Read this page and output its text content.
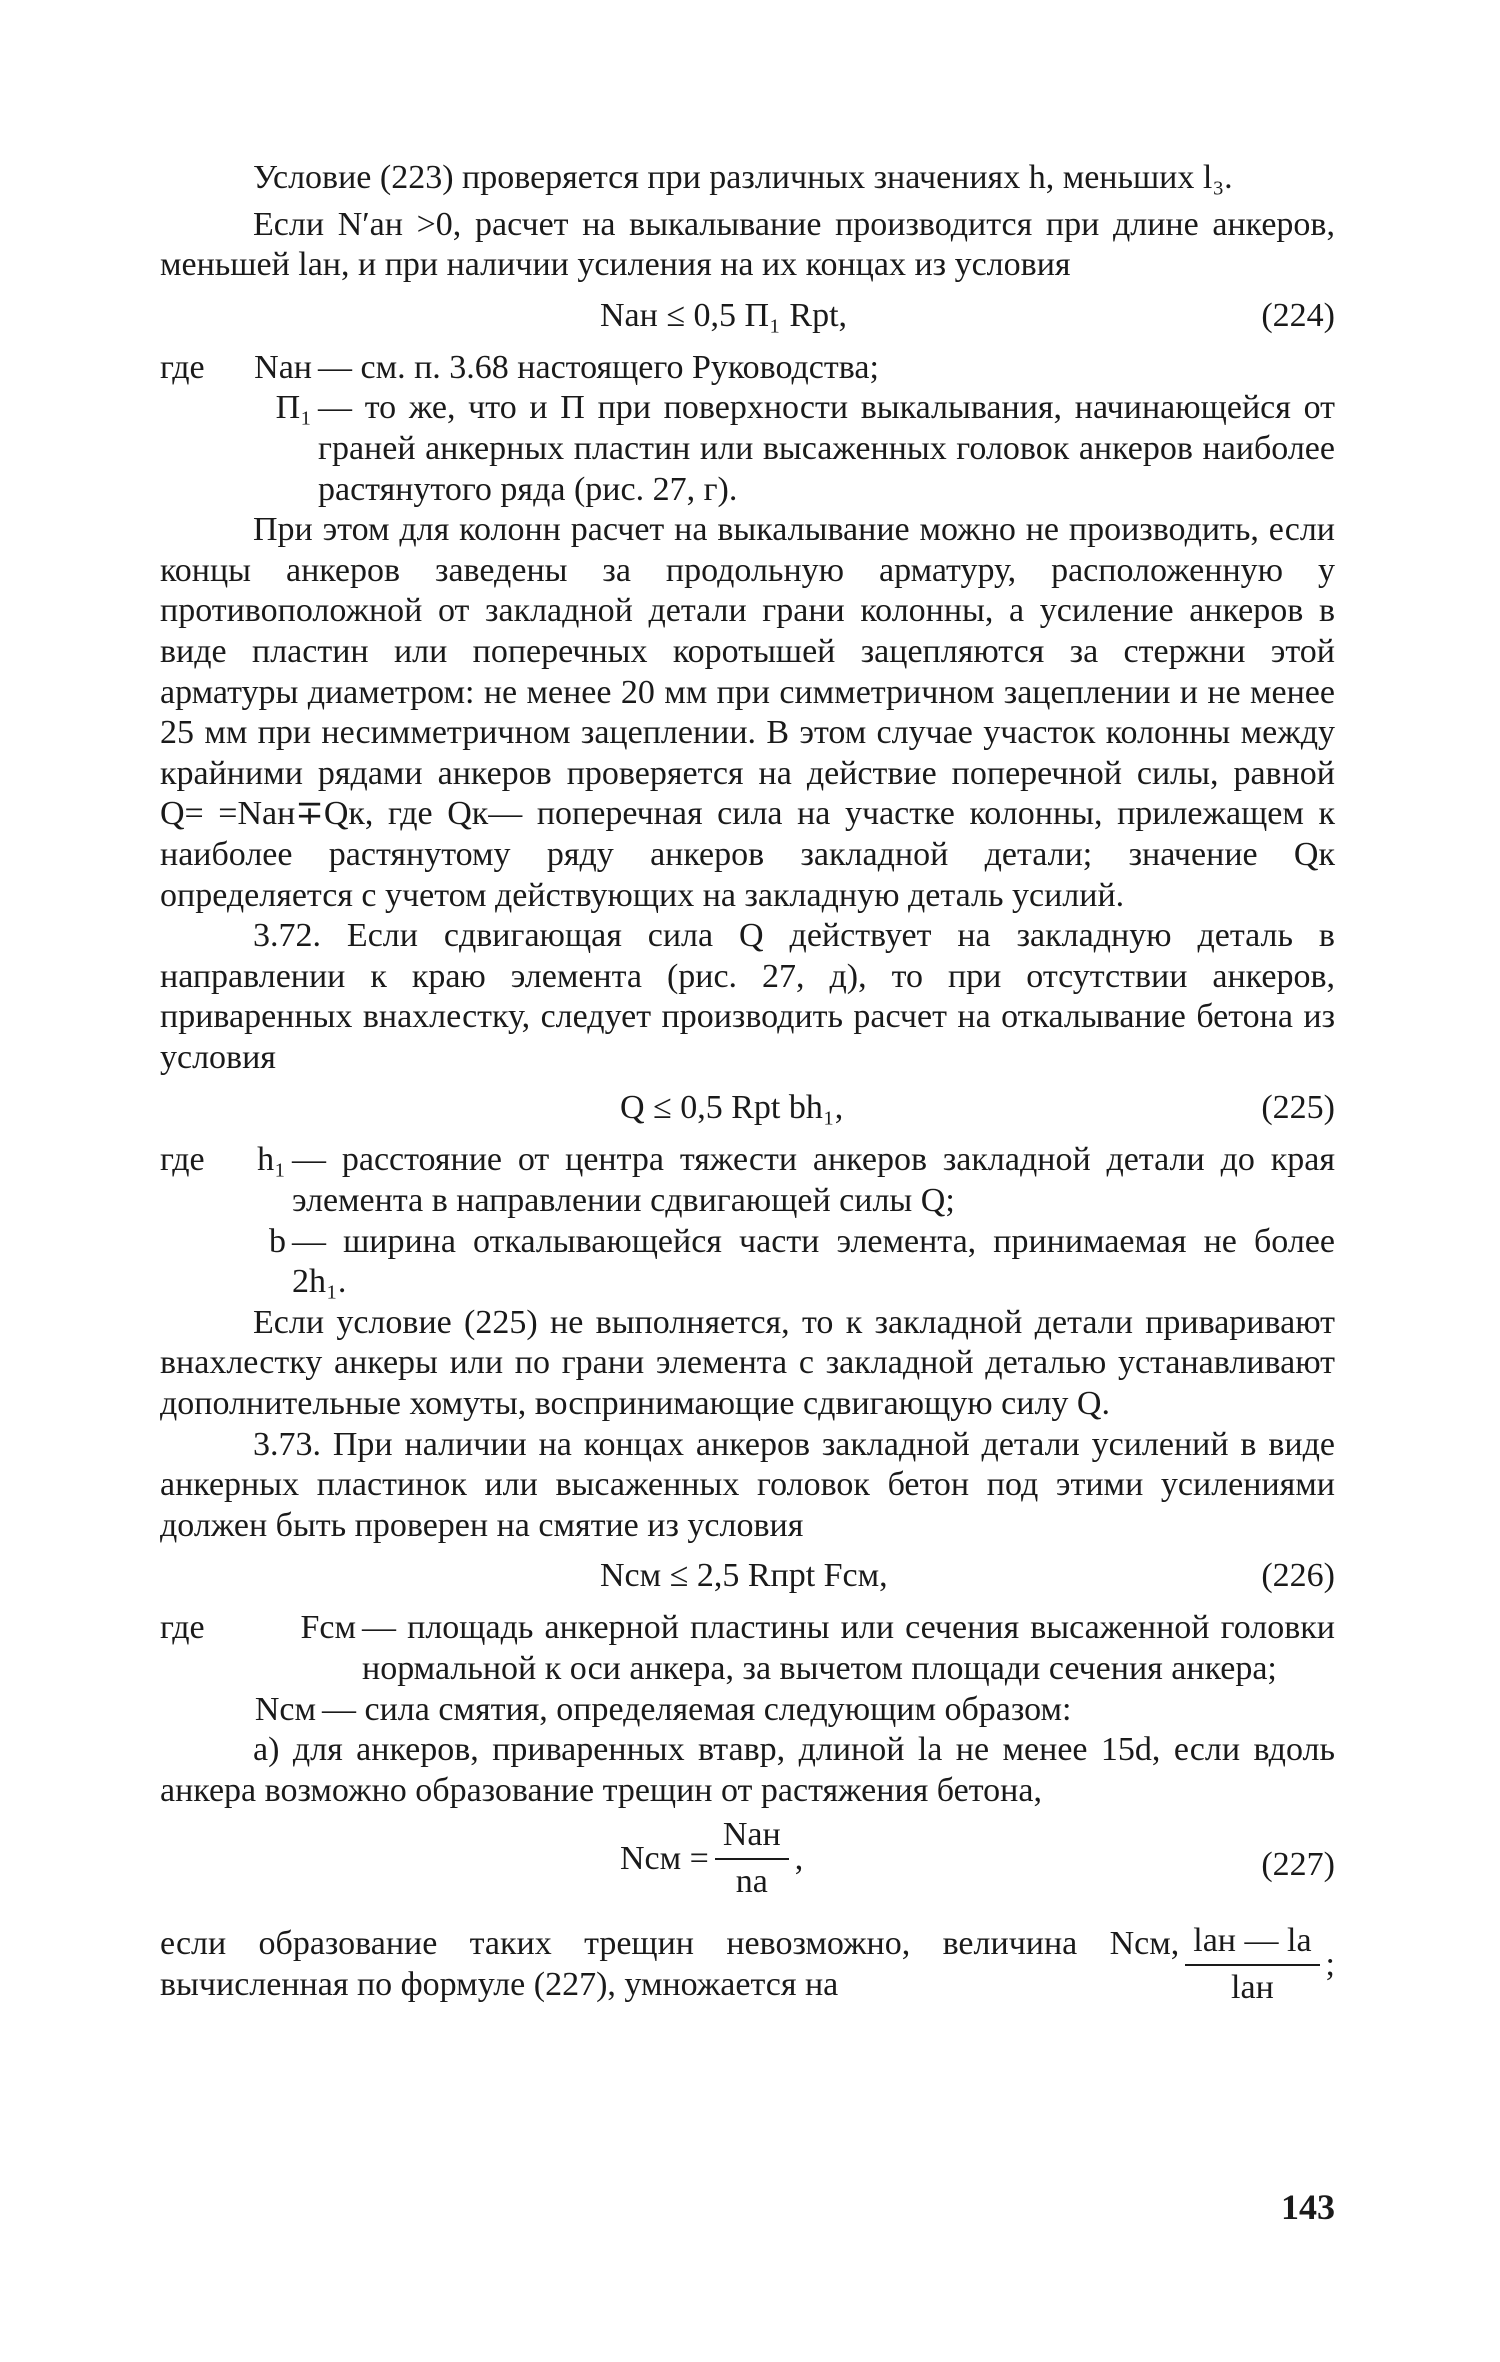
Условие (223) проверяется при различных значениях h, меньших l₃.

Если N′ан >0, расчет на выкалывание производится при длине анкеров, меньшей lан, и при наличии усиления на их концах из условия

Nан ≤ 0,5 П₁ Rpt,	(224)
где	Nан — см. п. 3.68 настоящего Руководства;
П₁ — то же, что и П при поверхности выкалывания, начинающейся от граней анкерных пластин или высаженных головок анкеров наиболее растянутого ряда (рис. 27, г).

При этом для колонн расчет на выкалывание можно не производить, если концы анкеров заведены за продольную арматуру, расположенную у противоположной от закладной детали грани колонны, а усиление анкеров в виде пластин или поперечных коротышей зацепляются за стержни этой арматуры диаметром: не менее 20 мм при симметричном зацеплении и не менее 25 мм при несимметричном зацеплении. В этом случае участок колонны между крайними рядами анкеров проверяется на действие поперечной силы, равной Q= =Nан∓Qк, где Qк— поперечная сила на участке колонны, прилежащем к наиболее растянутому ряду анкеров закладной детали; значение Qк определяется с учетом действующих на закладную деталь усилий.

3.72. Если сдвигающая сила Q действует на закладную деталь в направлении к краю элемента (рис. 27, д), то при отсутствии анкеров, приваренных внахлестку, следует производить расчет на откалывание бетона из условия

Q ≤ 0,5 Rpt bh₁,	(225)
где	h₁ — расстояние от центра тяжести анкеров закладной детали до края элемента в направлении сдвигающей силы Q;
b — ширина откалывающейся части элемента, принимаемая не более 2h₁.

Если условие (225) не выполняется, то к закладной детали приваривают внахлестку анкеры или по грани элемента с закладной деталью устанавливают дополнительные хомуты, воспринимающие сдвигающую силу Q.

3.73. При наличии на концах анкеров закладной детали усилений в виде анкерных пластинок или высаженных головок бетон под этими усилениями должен быть проверен на смятие из условия

Nсм ≤ 2,5 Rпрt Fсм,	(226)
где	Fсм — площадь анкерной пластины или сечения высаженной головки нормальной к оси анкера, за вычетом площади сечения анкера;
Nсм — сила смятия, определяемая следующим образом:

а) для анкеров, приваренных втавр, длиной lа не менее 15d, если вдоль анкера возможно образование трещин от растяжения бетона,

Nсм = $\frac{\text{Nан}}{nа}$ ,	(227)
если образование таких трещин невозможно, величина Nсм, вычисленная по формуле (227), умножается на	$\frac{\text{lан — lа}}{\text{lан}}$ ;
143
